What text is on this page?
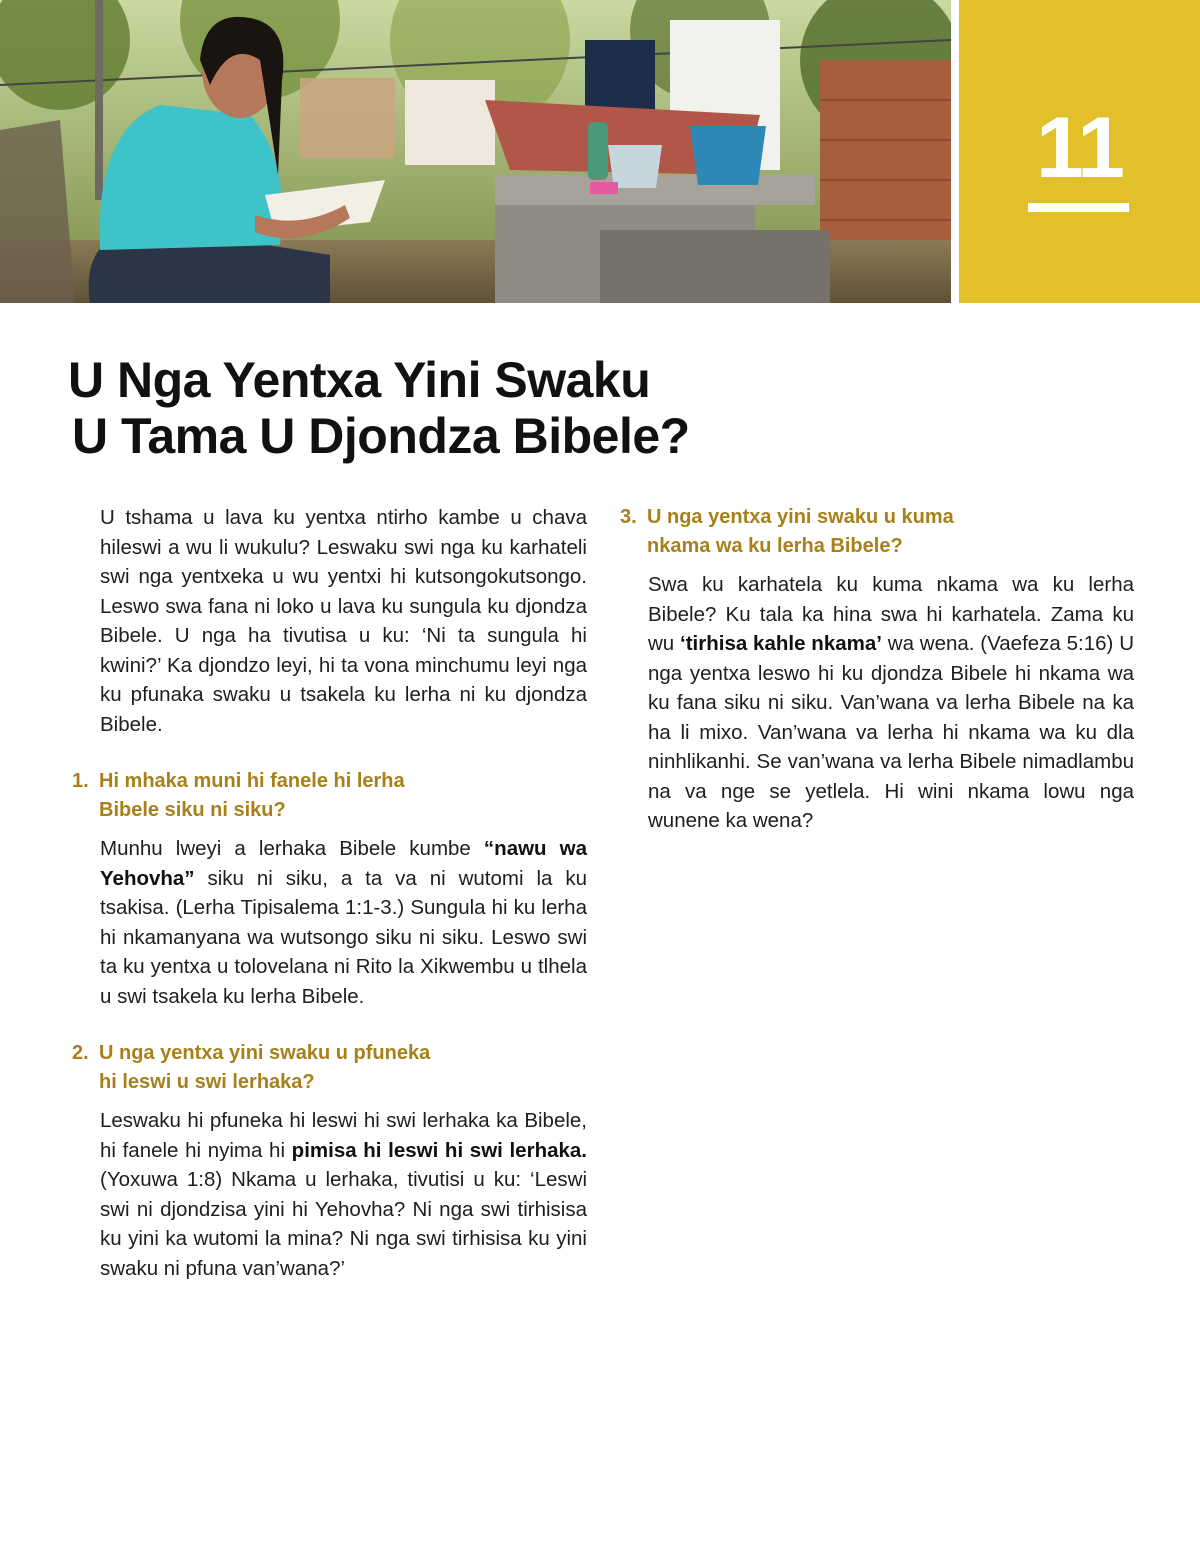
11
U Nga Yentxa Yini Swaku
U Tama U Djondza Bibele?

U tshama u lava ku yentxa ntirho kambe u chava hileswi a wu li wukulu? Leswaku swi nga ku karhateli swi nga yentxeka u wu yentxi hi kutsongokutsongo. Leswo swa fana ni loko u lava ku sungula ku djondza Bibele. U nga ha tivutisa u ku: ‘Ni ta sungula hi kwini?’ Ka djondzo leyi, hi ta vona minchumu leyi nga ku pfunaka swaku u tsakela ku lerha ni ku djondza Bibele.

1. Hi mhaka muni hi fanele hi lerha
Bibele siku ni siku?

Munhu lweyi a lerhaka Bibele kumbe “nawu wa Yehovha” siku ni siku, a ta va ni wutomi la ku tsakisa. (Lerha Tipisalema 1:1-3.) Sungula hi ku lerha hi nkamanyana wa wutsongo siku ni siku. Leswo swi ta ku yentxa u tolovelana ni Rito la Xikwembu u tlhela u swi tsakela ku lerha Bibele.

2. U nga yentxa yini swaku u pfuneka
hi leswi u swi lerhaka?

Leswaku hi pfuneka hi leswi hi swi lerhaka ka Bibele, hi fanele hi nyima hi pimisa hi leswi hi swi lerhaka. (Yoxuwa 1:8) Nkama u lerhaka, tivutisi u ku: ‘Leswi swi ni djondzisa yini hi Yehovha? Ni nga swi tirhisisa ku yini ka wutomi la mina? Ni nga swi tirhisisa ku yini swaku ni pfuna van’wana?’

3. U nga yentxa yini swaku u kuma
nkama wa ku lerha Bibele?

Swa ku karhatela ku kuma nkama wa ku lerha Bibele? Ku tala ka hina swa hi karhatela. Zama ku wu ‘tirhisa kahle nkama’ wa wena. (Vaefeza 5:16) U nga yentxa leswo hi ku djondza Bibele hi nkama wa ku fana siku ni siku. Van’wana va lerha Bibele na ka ha li mixo. Van’wana va lerha hi nkama wa ku dla ninhlikanhi. Se van’wana va lerha Bibele nimadlambu na va nge se yetlela. Hi wini nkama lowu nga wunene ka wena?
